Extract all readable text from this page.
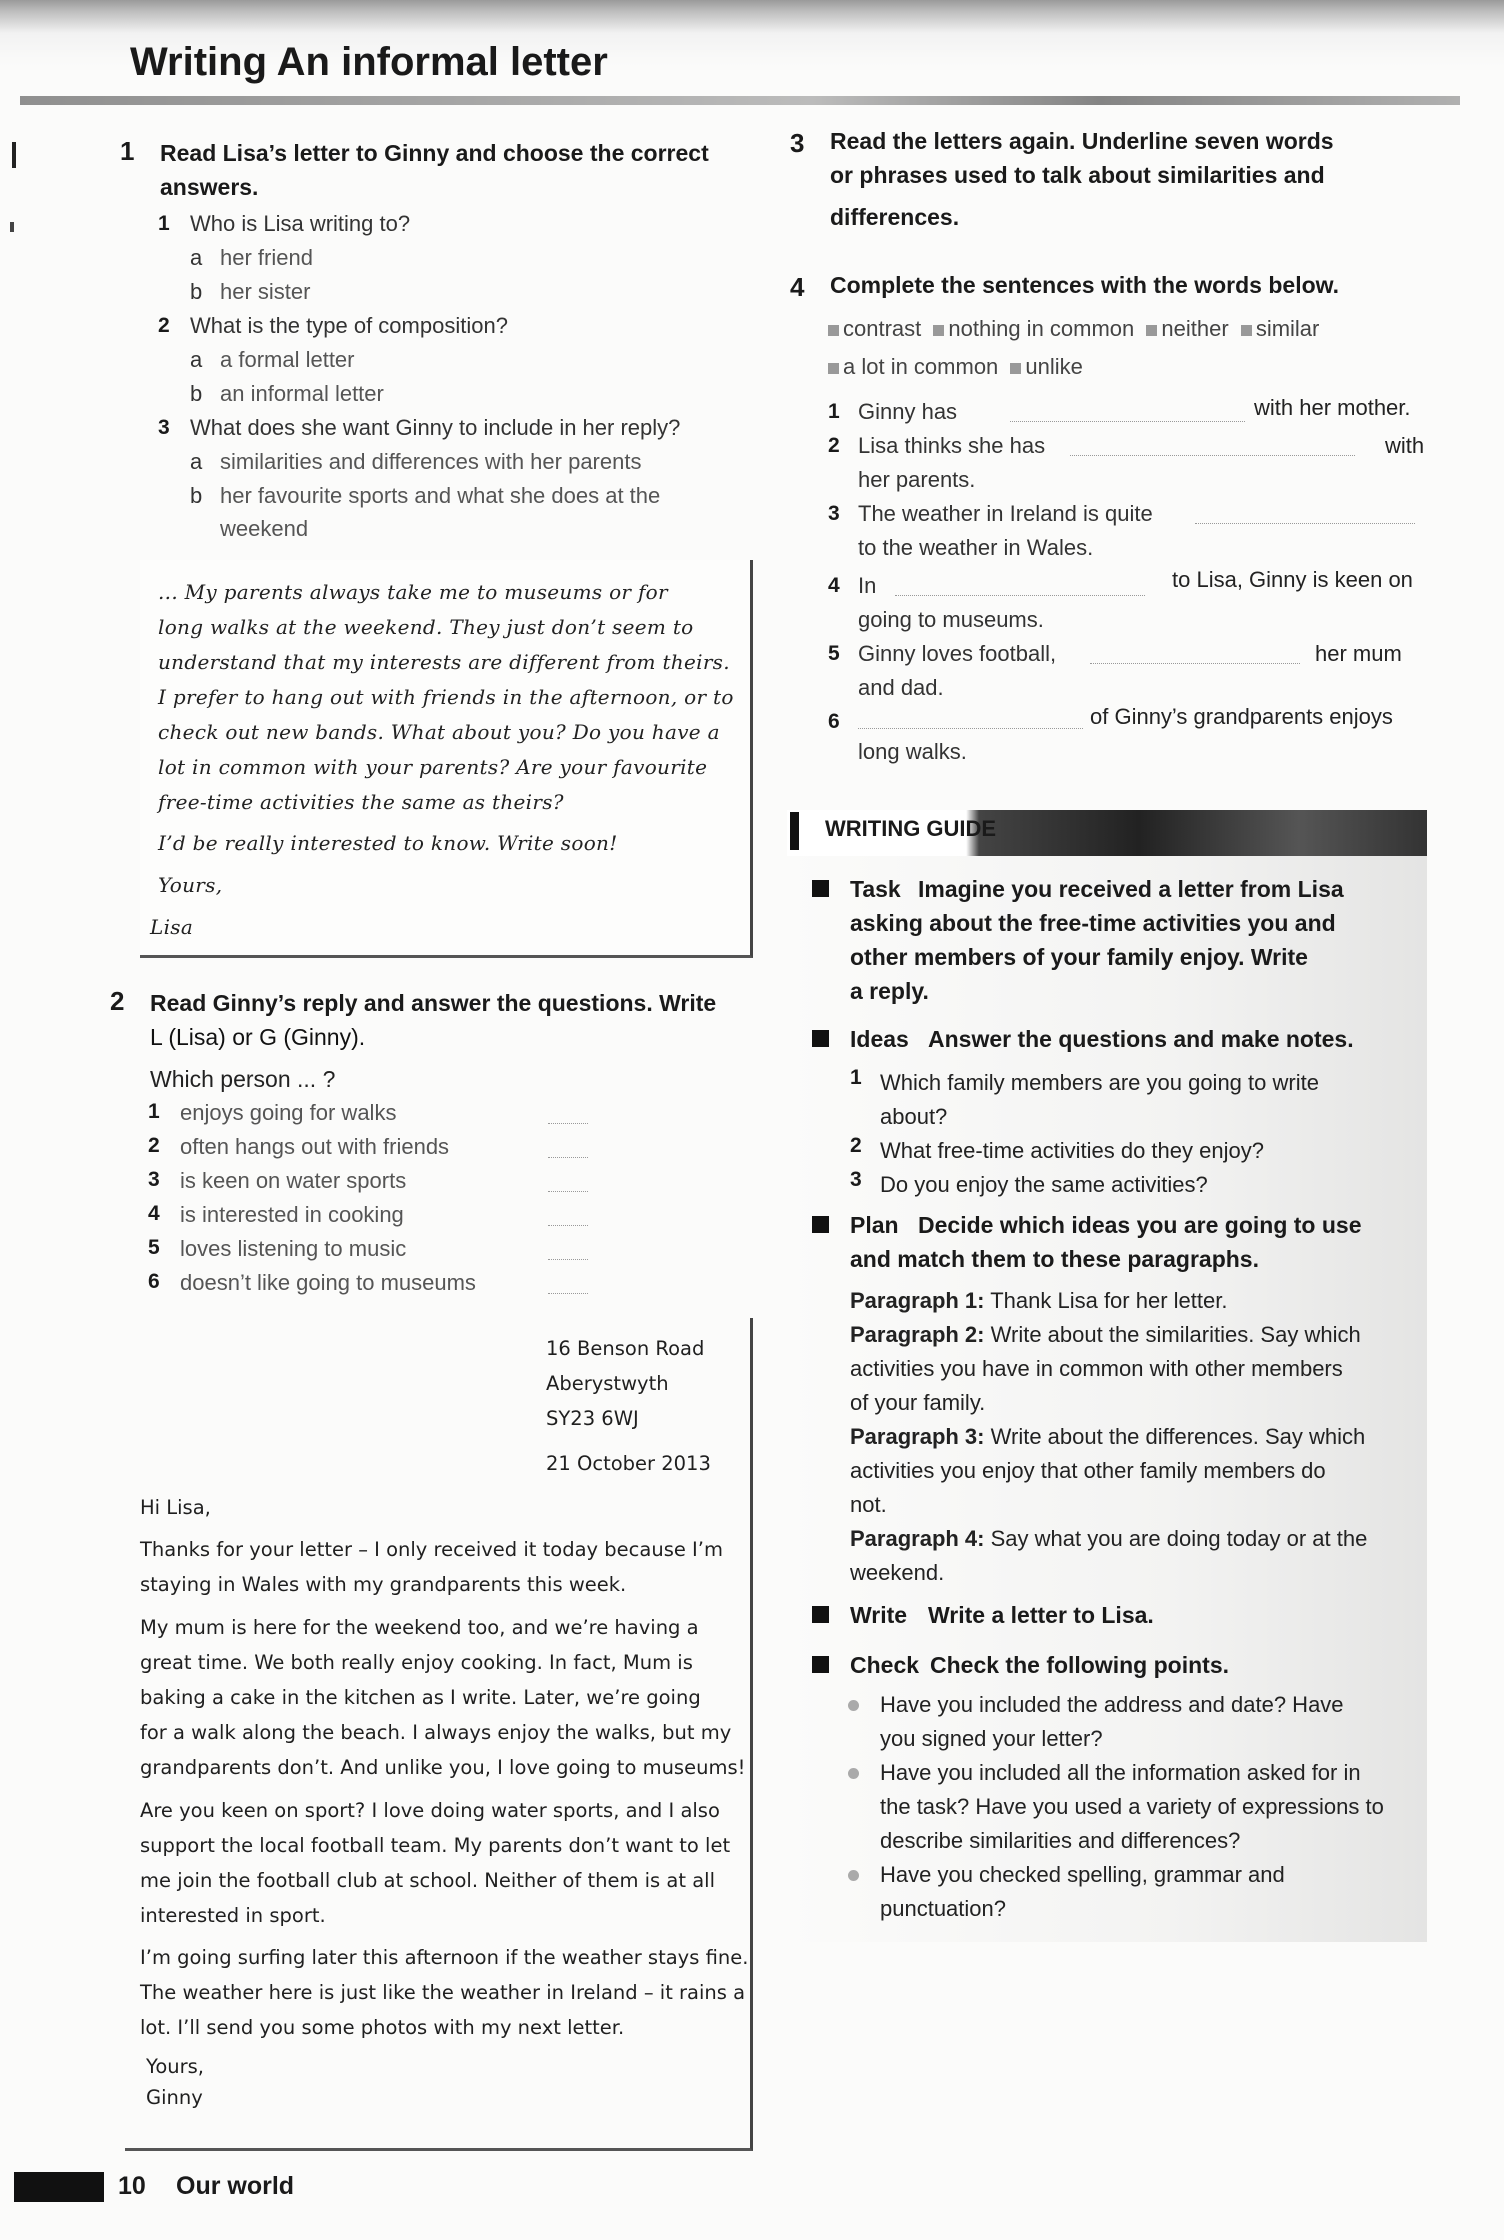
Writing An informal letter
1 Read Lisa’s letter to Ginny and choose the correct

answers.

1 Who is Lisa writing to?
a her friend
b her sister
2 What is the type of composition?
a a formal letter
b an informal letter
3 What does she want Ginny to include in her reply?
a similarities and differences with her parents
b her favourite sports and what she does at the
weekend
... My parents always take me to museums or for
long walks at the weekend. They just don’t seem to
understand that my interests are different from theirs.
I prefer to hang out with friends in the afternoon, or to
check out new bands. What about you? Do you have a
lot in common with your parents? Are your favourite
free-time activities the same as theirs?
I’d be really interested to know. Write soon!
Yours,
Lisa
2 Read Ginny’s reply and answer the questions. Write

L (Lisa) or G (Ginny).

Which person ... ?
1 enjoys going for walks
2 often hangs out with friends
3 is keen on water sports
4 is interested in cooking
5 loves listening to music
6 doesn’t like going to museums
16 Benson Road
Aberystwyth
SY23 6WJ
21 October 2013
Hi Lisa,
Thanks for your letter – I only received it today because I’m
staying in Wales with my grandparents this week.
My mum is here for the weekend too, and we’re having a
great time. We both really enjoy cooking. In fact, Mum is
baking a cake in the kitchen as I write. Later, we’re going
for a walk along the beach. I always enjoy the walks, but my
grandparents don’t. And unlike you, I love going to museums!
Are you keen on sport? I love doing water sports, and I also
support the local football team. My parents don’t want to let
me join the football club at school. Neither of them is at all
interested in sport.
I’m going surfing later this afternoon if the weather stays fine.
The weather here is just like the weather in Ireland – it rains a
lot. I’ll send you some photos with my next letter.
Yours,
Ginny
3 Read the letters again. Underline seven words

or phrases used to talk about similarities and

differences.

4 Complete the sentences with the words below.

contrast nothing in common neither similar
a lot in common unlike
1 Ginny has	with her mother.
2 Lisa thinks she has	with
her parents.
3 The weather in Ireland is quite
to the weather in Wales.
4 In	to Lisa, Ginny is keen on
going to museums.
5 Ginny loves football,	her mum
and dad.
6	of Ginny’s grandparents enjoys
long walks.
WRITING GUIDE
Task Imagine you received a letter from Lisa
asking about the free-time activities you and
other members of your family enjoy. Write
a reply.
Ideas Answer the questions and make notes.
1 Which family members are you going to write
about?
2 What free-time activities do they enjoy?
3 Do you enjoy the same activities?
Plan Decide which ideas you are going to use
and match them to these paragraphs.
Paragraph 1: Thank Lisa for her letter.
Paragraph 2: Write about the similarities. Say which
activities you have in common with other members
of your family.
Paragraph 3: Write about the differences. Say which
activities you enjoy that other family members do
not.
Paragraph 4: Say what you are doing today or at the
weekend.
Write Write a letter to Lisa.
Check Check the following points.
Have you included the address and date? Have
you signed your letter?
Have you included all the information asked for in
the task? Have you used a variety of expressions to
describe similarities and differences?
Have you checked spelling, grammar and
punctuation?
10 Our world
